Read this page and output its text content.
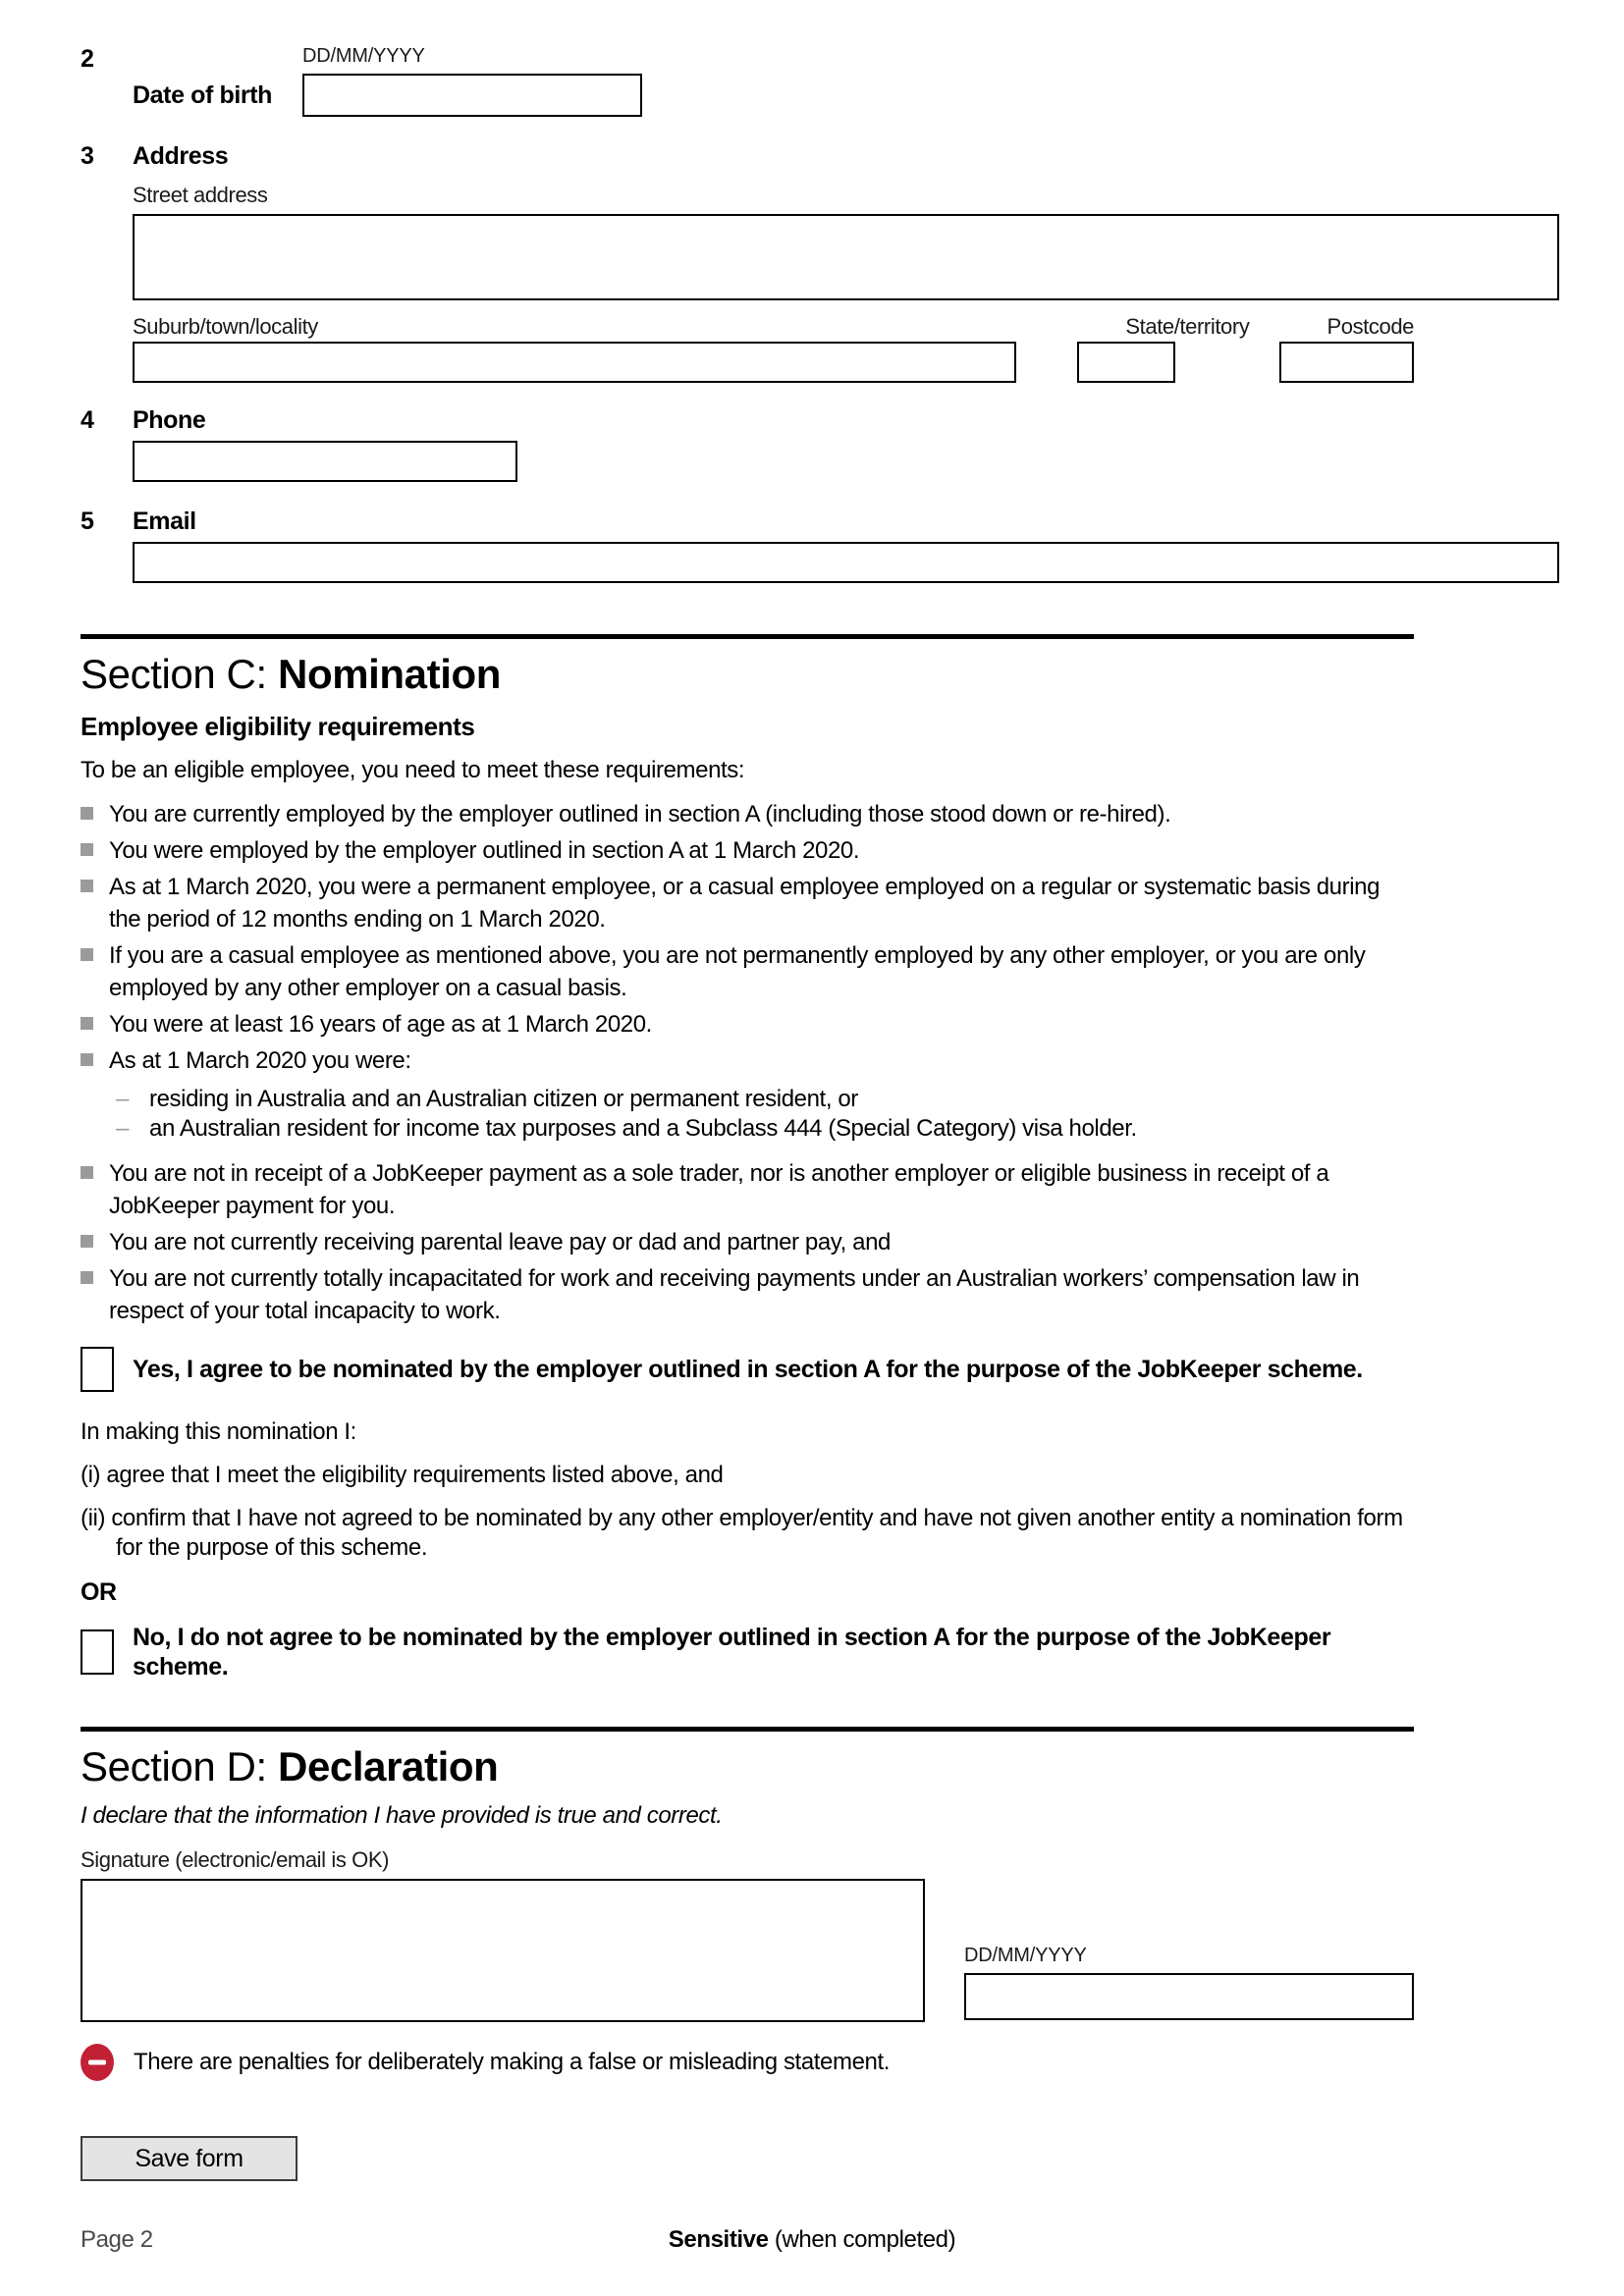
2	DD/MM/YYYY
Date of birth
3 Address
Street address
Suburb/town/locality	State/territory	Postcode
4 Phone
5 Email
Section C: Nomination
Employee eligibility requirements
To be an eligible employee, you need to meet these requirements:
You are currently employed by the employer outlined in section A (including those stood down or re-hired).
You were employed by the employer outlined in section A at 1 March 2020.
As at 1 March 2020, you were a permanent employee, or a casual employee employed on a regular or systematic basis during the period of 12 months ending on 1 March 2020.
If you are a casual employee as mentioned above, you are not permanently employed by any other employer, or you are only employed by any other employer on a casual basis.
You were at least 16 years of age as at 1 March 2020.
As at 1 March 2020 you were:
– residing in Australia and an Australian citizen or permanent resident, or
– an Australian resident for income tax purposes and a Subclass 444 (Special Category) visa holder.
You are not in receipt of a JobKeeper payment as a sole trader, nor is another employer or eligible business in receipt of a JobKeeper payment for you.
You are not currently receiving parental leave pay or dad and partner pay, and
You are not currently totally incapacitated for work and receiving payments under an Australian workers’ compensation law in respect of your total incapacity to work.
Yes, I agree to be nominated by the employer outlined in section A for the purpose of the JobKeeper scheme.
In making this nomination I:
(i) agree that I meet the eligibility requirements listed above, and
(ii) confirm that I have not agreed to be nominated by any other employer/entity and have not given another entity a nomination form for the purpose of this scheme.
OR
No, I do not agree to be nominated by the employer outlined in section A for the purpose of the JobKeeper scheme.
Section D: Declaration
I declare that the information I have provided is true and correct.
Signature (electronic/email is OK)
DD/MM/YYYY
There are penalties for deliberately making a false or misleading statement.
Save form
Page 2	Sensitive (when completed)
